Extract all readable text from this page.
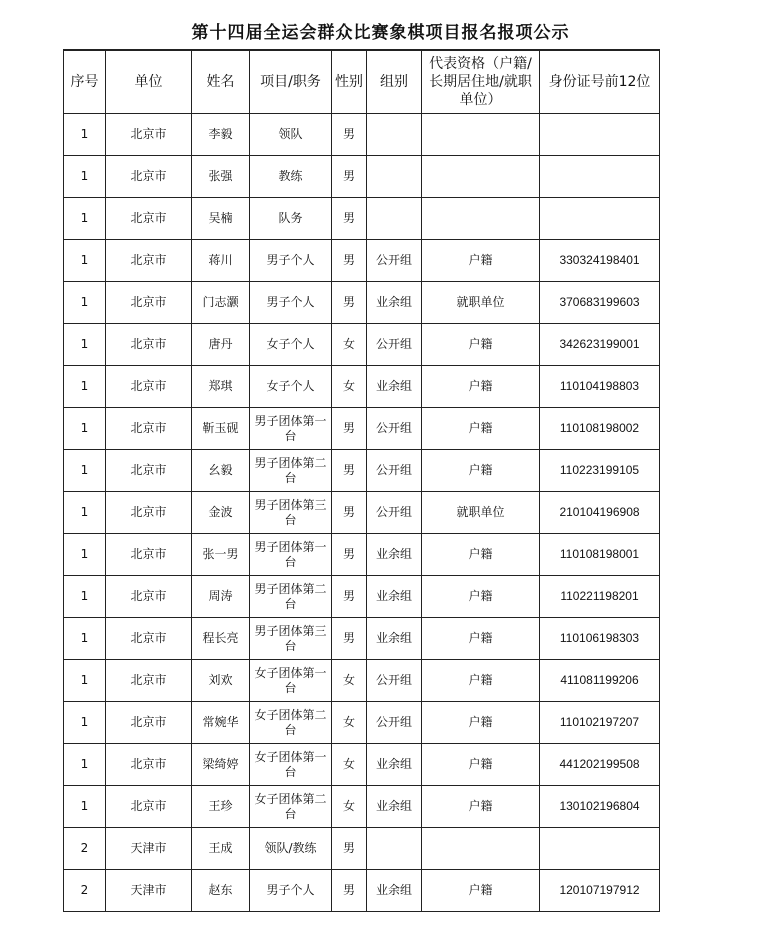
第十四届全运会群众比赛象棋项目报名报项公示
序号	单位	姓名	项目/职务	性别	组别	代表资格（户籍/长期居住地/就职单位）	身份证号前12位
1	北京市	李毅	领队	男			
1	北京市	张强	教练	男			
1	北京市	吴楠	队务	男			
1	北京市	蒋川	男子个人	男	公开组	户籍	330324198401
1	北京市	门志灏	男子个人	男	业余组	就职单位	370683199603
1	北京市	唐丹	女子个人	女	公开组	户籍	342623199001
1	北京市	郑琪	女子个人	女	业余组	户籍	110104198803
1	北京市	靳玉砚	男子团体第一台	男	公开组	户籍	110108198002
1	北京市	幺毅	男子团体第二台	男	公开组	户籍	110223199105
1	北京市	金波	男子团体第三台	男	公开组	就职单位	210104196908
1	北京市	张一男	男子团体第一台	男	业余组	户籍	110108198001
1	北京市	周涛	男子团体第二台	男	业余组	户籍	110221198201
1	北京市	程长亮	男子团体第三台	男	业余组	户籍	110106198303
1	北京市	刘欢	女子团体第一台	女	公开组	户籍	411081199206
1	北京市	常婉华	女子团体第二台	女	公开组	户籍	110102197207
1	北京市	梁绮婷	女子团体第一台	女	业余组	户籍	441202199508
1	北京市	王珍	女子团体第二台	女	业余组	户籍	130102196804
2	天津市	王成	领队/教练	男			
2	天津市	赵东	男子个人	男	业余组	户籍	120107197912
